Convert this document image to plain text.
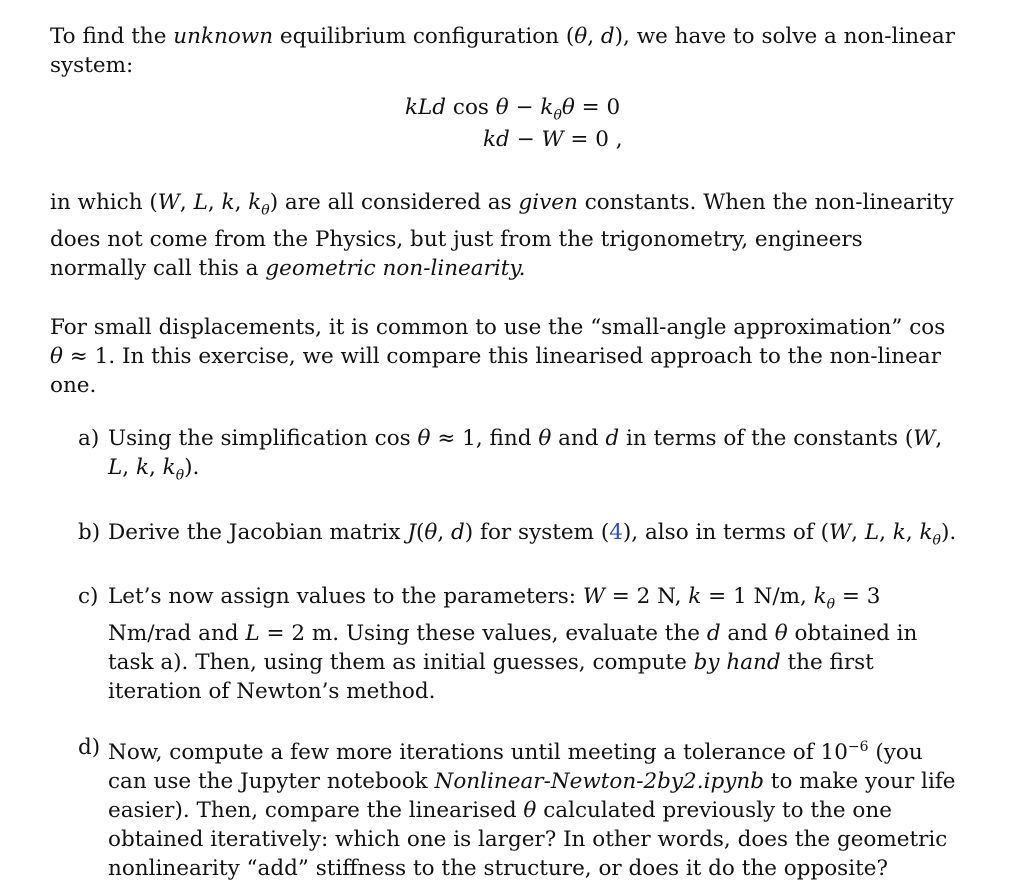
To find the unknown equilibrium configuration (θ, d), we have to solve a non-linear system:

kLd $\cos \theta - k_\theta\theta = 0$
kd − W = 0 ,

in which (W, L, k, $k_\theta$) are all considered as given constants. When the non-linearity does not come from the Physics, but just from the trigonometry, engineers normally call this a geometric non-linearity.

For small displacements, it is common to use the “small-angle approximation” cos θ ≈ 1. In this exercise, we will compare this linearised approach to the non-linear one.

a) Using the simplification cos θ ≈ 1, find θ and d in terms of the constants (W, L, k, $k_\theta$).
b) Derive the Jacobian matrix J(θ, d) for system (4), also in terms of (W, L, k, $k_\theta$).
c) Let’s now assign values to the parameters: W = 2 N, k = 1 N/m, $k_\theta = 3$ Nm/rad and L = 2 m. Using these values, evaluate the d and θ obtained in task a). Then, using them as initial guesses, compute by hand the first iteration of Newton’s method.
d) Now, compute a few more iterations until meeting a tolerance of $10^{-6}$ (you can use the Jupyter notebook Nonlinear-Newton-2by2.ipynb to make your life easier). Then, compare the linearised θ calculated previously to the one obtained iteratively: which one is larger? In other words, does the geometric nonlinearity “add” stiffness to the structure, or does it do the opposite?
